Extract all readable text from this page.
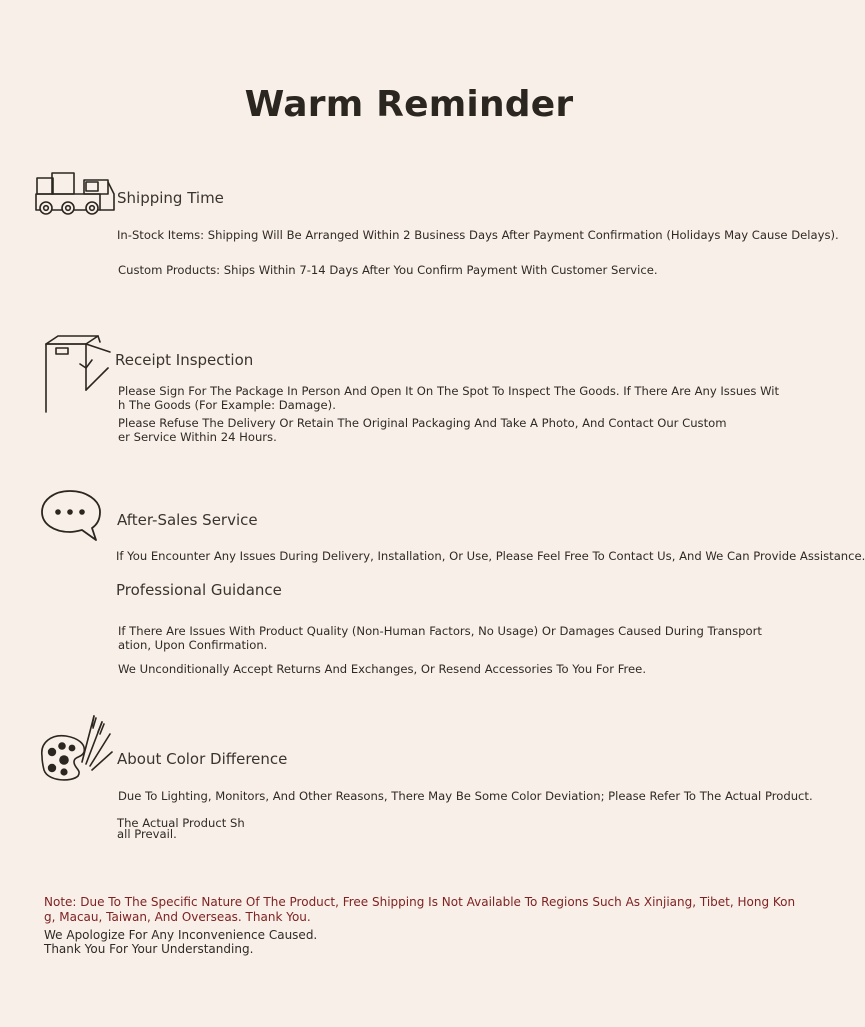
Warm Reminder
Shipping Time
In-Stock Items: Shipping Will Be Arranged Within 2 Business Days After Payment Confirmation (Holidays May Cause Delays).
Custom Products: Ships Within 7-14 Days After You Confirm Payment With Customer Service.
Receipt Inspection
Please Sign For The Package In Person And Open It On The Spot To Inspect The Goods. If There Are Any Issues Wit
h The Goods (For Example: Damage).
Please Refuse The Delivery Or Retain The Original Packaging And Take A Photo, And Contact Our Custom
er Service Within 24 Hours.
After-Sales Service
If You Encounter Any Issues During Delivery, Installation, Or Use, Please Feel Free To Contact Us, And We Can Provide Assistance.
Professional Guidance
If There Are Issues With Product Quality (Non-Human Factors, No Usage) Or Damages Caused During Transport
ation, Upon Confirmation.
We Unconditionally Accept Returns And Exchanges, Or Resend Accessories To You For Free.
About Color Difference
Due To Lighting, Monitors, And Other Reasons, There May Be Some Color Deviation; Please Refer To The Actual Product.
The Actual Product Sh
all Prevail.
Note: Due To The Specific Nature Of The Product, Free Shipping Is Not Available To Regions Such As Xinjiang, Tibet, Hong Kon
g, Macau, Taiwan, And Overseas. Thank You.
We Apologize For Any Inconvenience Caused.
Thank You For Your Understanding.
